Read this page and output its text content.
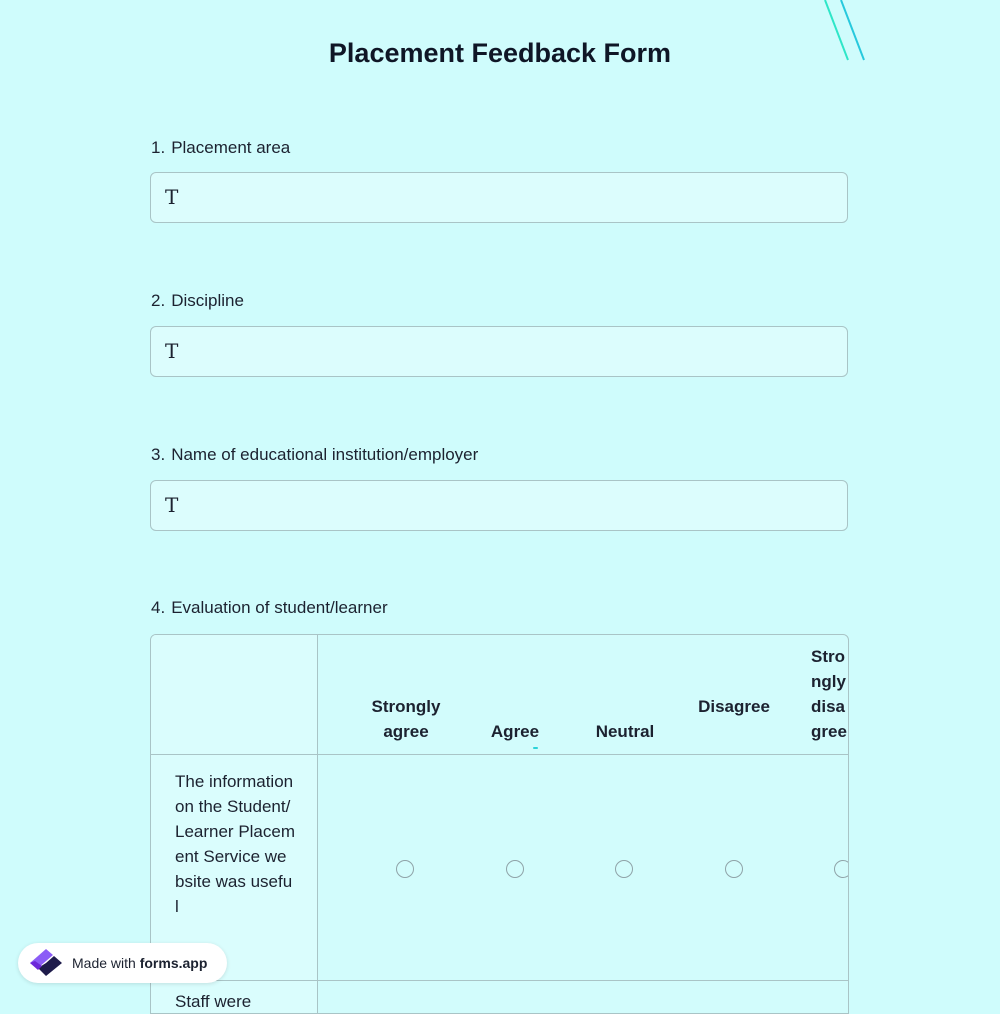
Placement Feedback Form
1. Placement area
T
2. Discipline
T
3. Name of educational institution/employer
T
4. Evaluation of student/learner
Strongly agree	Agree	Neutral
Disagree
Strongly disagree
The information on the Student/Learner Placement Service website was useful
Staff were
Made with forms.app
